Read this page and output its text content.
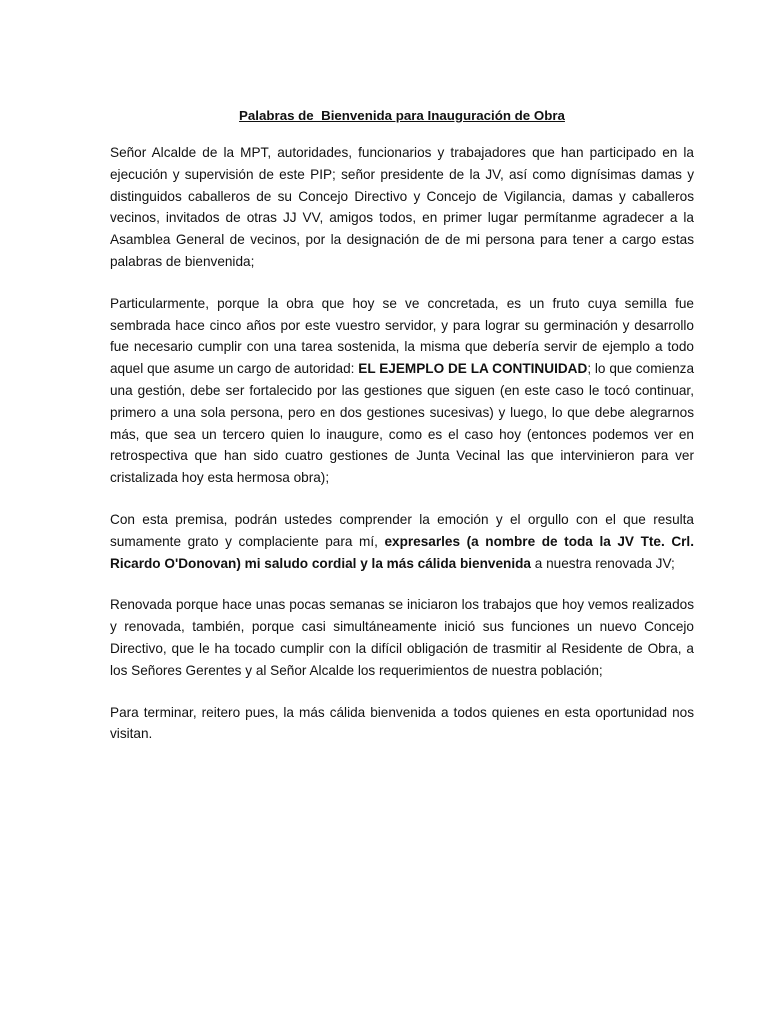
Palabras de  Bienvenida para Inauguración de Obra

Señor Alcalde de la MPT, autoridades, funcionarios y trabajadores que han participado en la ejecución y supervisión de este PIP; señor presidente de la JV, así como dignísimas damas y distinguidos caballeros de su Concejo Directivo y Concejo de Vigilancia, damas y caballeros vecinos, invitados de otras JJ VV, amigos todos, en primer lugar permítanme agradecer a la Asamblea General de vecinos, por la designación de de mi persona para tener a cargo estas palabras de bienvenida;

Particularmente, porque la obra que hoy se ve concretada, es un fruto cuya semilla fue sembrada hace cinco años por este vuestro servidor, y para lograr su germinación y desarrollo fue necesario cumplir con una tarea sostenida, la misma que debería servir de ejemplo a todo aquel que asume un cargo de autoridad: EL EJEMPLO DE LA CONTINUIDAD; lo que comienza una gestión, debe ser fortalecido por las gestiones que siguen (en este caso le tocó continuar, primero a una sola persona, pero en dos gestiones sucesivas) y luego, lo que debe alegrarnos más, que sea un tercero quien lo inaugure, como es el caso hoy (entonces podemos ver en retrospectiva que han sido cuatro gestiones de Junta Vecinal las que intervinieron para ver cristalizada hoy esta hermosa obra);

Con esta premisa, podrán ustedes comprender la emoción y el orgullo con el que resulta sumamente grato y complaciente para mí, expresarles (a nombre de toda la JV Tte. Crl. Ricardo O'Donovan) mi saludo cordial y la más cálida bienvenida a nuestra renovada JV;

Renovada porque hace unas pocas semanas se iniciaron los trabajos que hoy vemos realizados y renovada, también, porque casi simultáneamente inició sus funciones un nuevo Concejo Directivo, que le ha tocado cumplir con la difícil obligación de trasmitir al Residente de Obra, a los Señores Gerentes y al Señor Alcalde los requerimientos de nuestra población;

Para terminar, reitero pues, la más cálida bienvenida a todos quienes en esta oportunidad nos visitan.
